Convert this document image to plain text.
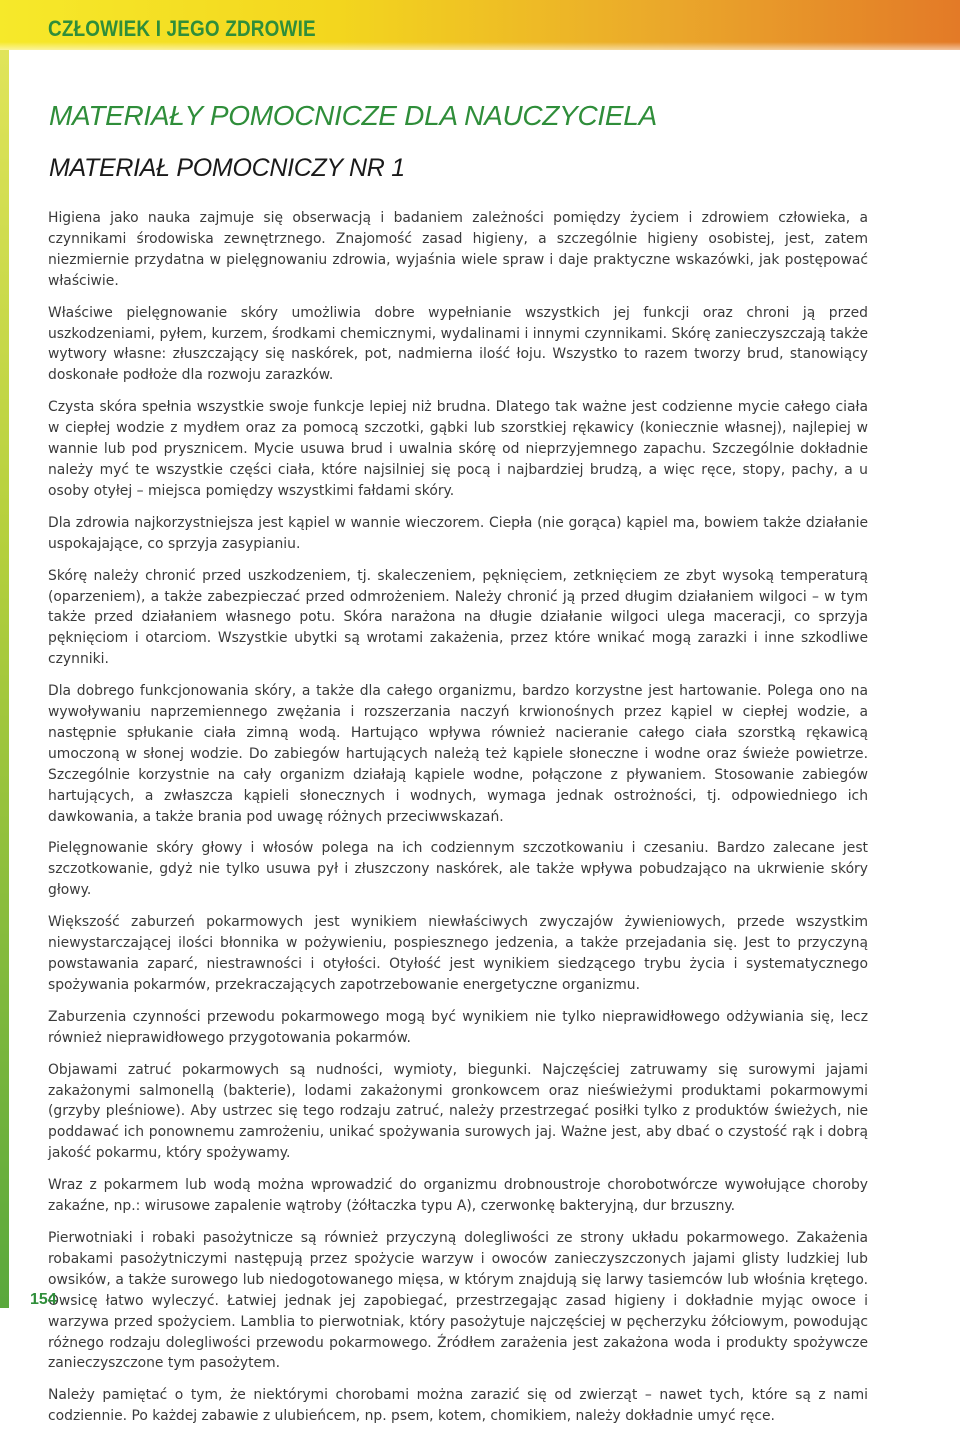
CZŁOWIEK I JEGO ZDROWIE
MATERIAŁY POMOCNICZE DLA NAUCZYCIELA
MATERIAŁ POMOCNICZY NR 1

Higiena jako nauka zajmuje się obserwacją i badaniem zależności pomiędzy życiem i zdrowiem człowieka, a czynnikami środowiska zewnętrznego. Znajomość zasad higieny, a szczególnie higieny osobistej, jest, zatem niezmiernie przydatna w pielęgnowaniu zdrowia, wyjaśnia wiele spraw i daje praktyczne wskazówki, jak postępować właściwie.

Właściwe pielęgnowanie skóry umożliwia dobre wypełnianie wszystkich jej funkcji oraz chroni ją przed uszkodzeniami, pyłem, kurzem, środkami chemicznymi, wydalinami i innymi czynnikami. Skórę zanieczyszczają także wytwory własne: złuszczający się naskórek, pot, nadmierna ilość łoju. Wszystko to razem tworzy brud, stanowiący doskonałe podłoże dla rozwoju zarazków.

Czysta skóra spełnia wszystkie swoje funkcje lepiej niż brudna. Dlatego tak ważne jest codzienne mycie całego ciała w ciepłej wodzie z mydłem oraz za pomocą szczotki, gąbki lub szorstkiej rękawicy (koniecznie własnej), najlepiej w wannie lub pod prysznicem. Mycie usuwa brud i uwalnia skórę od nieprzyjemnego zapachu. Szczególnie dokładnie należy myć te wszystkie części ciała, które najsilniej się pocą i najbardziej brudzą, a więc ręce, stopy, pachy, a u osoby otyłej – miejsca pomiędzy wszystkimi fałdami skóry.

Dla zdrowia najkorzystniejsza jest kąpiel w wannie wieczorem. Ciepła (nie gorąca) kąpiel ma, bowiem także działanie uspokajające, co sprzyja zasypianiu.

Skórę należy chronić przed uszkodzeniem, tj. skaleczeniem, pęknięciem, zetknięciem ze zbyt wysoką temperaturą (oparzeniem), a także zabezpieczać przed odmrożeniem. Należy chronić ją przed długim działaniem wilgoci – w tym także przed działaniem własnego potu. Skóra narażona na długie działanie wilgoci ulega maceracji, co sprzyja pęknięciom i otarciom. Wszystkie ubytki są wrotami zakażenia, przez które wnikać mogą zarazki i inne szkodliwe czynniki.

Dla dobrego funkcjonowania skóry, a także dla całego organizmu, bardzo korzystne jest hartowanie. Polega ono na wywoływaniu naprzemiennego zwężania i rozszerzania naczyń krwionośnych przez kąpiel w ciepłej wodzie, a następnie spłukanie ciała zimną wodą. Hartująco wpływa również nacieranie całego ciała szorstką rękawicą umoczoną w słonej wodzie. Do zabiegów hartujących należą też kąpiele słoneczne i wodne oraz świeże powietrze. Szczególnie korzystnie na cały organizm działają kąpiele wodne, połączone z pływaniem. Stosowanie zabiegów hartujących, a zwłaszcza kąpieli słonecznych i wodnych, wymaga jednak ostrożności, tj. odpowiedniego ich dawkowania, a także brania pod uwagę różnych przeciwwskazań.

Pielęgnowanie skóry głowy i włosów polega na ich codziennym szczotkowaniu i czesaniu. Bardzo zalecane jest szczotkowanie, gdyż nie tylko usuwa pył i złuszczony naskórek, ale także wpływa pobudzająco na ukrwienie skóry głowy.

Większość zaburzeń pokarmowych jest wynikiem niewłaściwych zwyczajów żywieniowych, przede wszystkim niewystarczającej ilości błonnika w pożywieniu, pospiesznego jedzenia, a także przejadania się. Jest to przyczyną powstawania zaparć, niestrawności i otyłości. Otyłość jest wynikiem siedzącego trybu życia i systematycznego spożywania pokarmów, przekraczających zapotrzebowanie energetyczne organizmu.

Zaburzenia czynności przewodu pokarmowego mogą być wynikiem nie tylko nieprawidłowego odżywiania się, lecz również nieprawidłowego przygotowania pokarmów.

Objawami zatruć pokarmowych są nudności, wymioty, biegunki. Najczęściej zatruwamy się surowymi jajami zakażonymi salmonellą (bakterie), lodami zakażonymi gronkowcem oraz nieświeżymi produktami pokarmowymi (grzyby pleśniowe). Aby ustrzec się tego rodzaju zatruć, należy przestrzegać posiłki tylko z produktów świeżych, nie poddawać ich ponownemu zamrożeniu, unikać spożywania surowych jaj. Ważne jest, aby dbać o czystość rąk i dobrą jakość pokarmu, który spożywamy.

Wraz z pokarmem lub wodą można wprowadzić do organizmu drobnoustroje chorobotwórcze wywołujące choroby zakaźne, np.: wirusowe zapalenie wątroby (żółtaczka typu A), czerwonkę bakteryjną, dur brzuszny.

Pierwotniaki i robaki pasożytnicze są również przyczyną dolegliwości ze strony układu pokarmowego. Zakażenia robakami pasożytniczymi następują przez spożycie warzyw i owoców zanieczyszczonych jajami glisty ludzkiej lub owsików, a także surowego lub niedogotowanego mięsa, w którym znajdują się larwy tasiemców lub włośnia krętego. Owsicę łatwo wyleczyć. Łatwiej jednak jej zapobiegać, przestrzegając zasad higieny i dokładnie myjąc owoce i warzywa przed spożyciem. Lamblia to pierwotniak, który pasożytuje najczęściej w pęcherzyku żółciowym, powodując różnego rodzaju dolegliwości przewodu pokarmowego. Źródłem zarażenia jest zakażona woda i produkty spożywcze zanieczyszczone tym pasożytem.

Należy pamiętać o tym, że niektórymi chorobami można zarazić się od zwierząt – nawet tych, które są z nami codziennie. Po każdej zabawie z ulubieńcem, np. psem, kotem, chomikiem, należy dokładnie umyć ręce.

154
